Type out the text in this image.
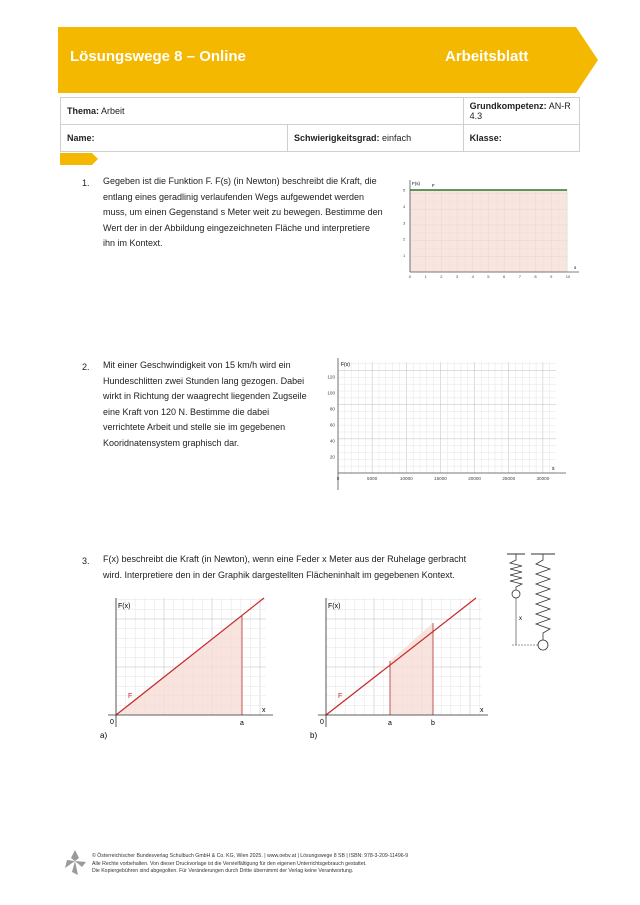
Lösungswege 8 – Online	Arbeitsblatt
Thema: Arbeit		Grundkompetenz: AN-R 4.3
Name:	Schwierigkeitsgrad: einfach	Klasse:
1. Gegeben ist die Funktion F. F(s) (in Newton) beschreibt die Kraft, die
entlang eines geradlinig verlaufenden Wegs aufgewendet werden
muss, um einen Gegenstand s Meter weit zu bewegen. Bestimme den
Wert der in der Abbildung eingezeichneten Fläche und interpretiere
ihn im Kontext.
F(s)	F
s
5
4
3
2
1
0	1	2	3	4	5	6	7	8	9	10
2. Mit einer Geschwindigkeit von 15 km/h wird ein
Hundeschlitten zwei Stunden lang gezogen. Dabei
wirkt in Richtung der waagrecht liegenden Zugseile
eine Kraft von 120 N. Bestimme die dabei
verrichtete Arbeit und stelle sie im gegebenen
Kooridnatensystem graphisch dar.
F(s)
s
120
100
80
60
40
20
0	5000	10000	15000	20000	25000	30000
3. F(x) beschreibt die Kraft (in Newton), wenn eine Feder x Meter aus der Ruhelage gerbracht
wird. Interpretiere den in der Graphik dargestellten Flächeninhalt im gegebenen Kontext.
F(x)
F
x
0	a
a)
F(x)
F
x
0	a	b
b)
x
© Österreichischer Bundesverlag Schulbuch GmbH & Co. KG, Wien 2025. | www.oebv.at | Lösungswege 8 SB | ISBN: 978-3-209-11496-9
Alle Rechte vorbehalten. Von dieser Druckvorlage ist die Vervielfältigung für den eigenen Unterrichtsgebrauch gestattet.
Die Kopiergebühren sind abgegolten. Für Veränderungen durch Dritte übernimmt der Verlag keine Verantwortung.
